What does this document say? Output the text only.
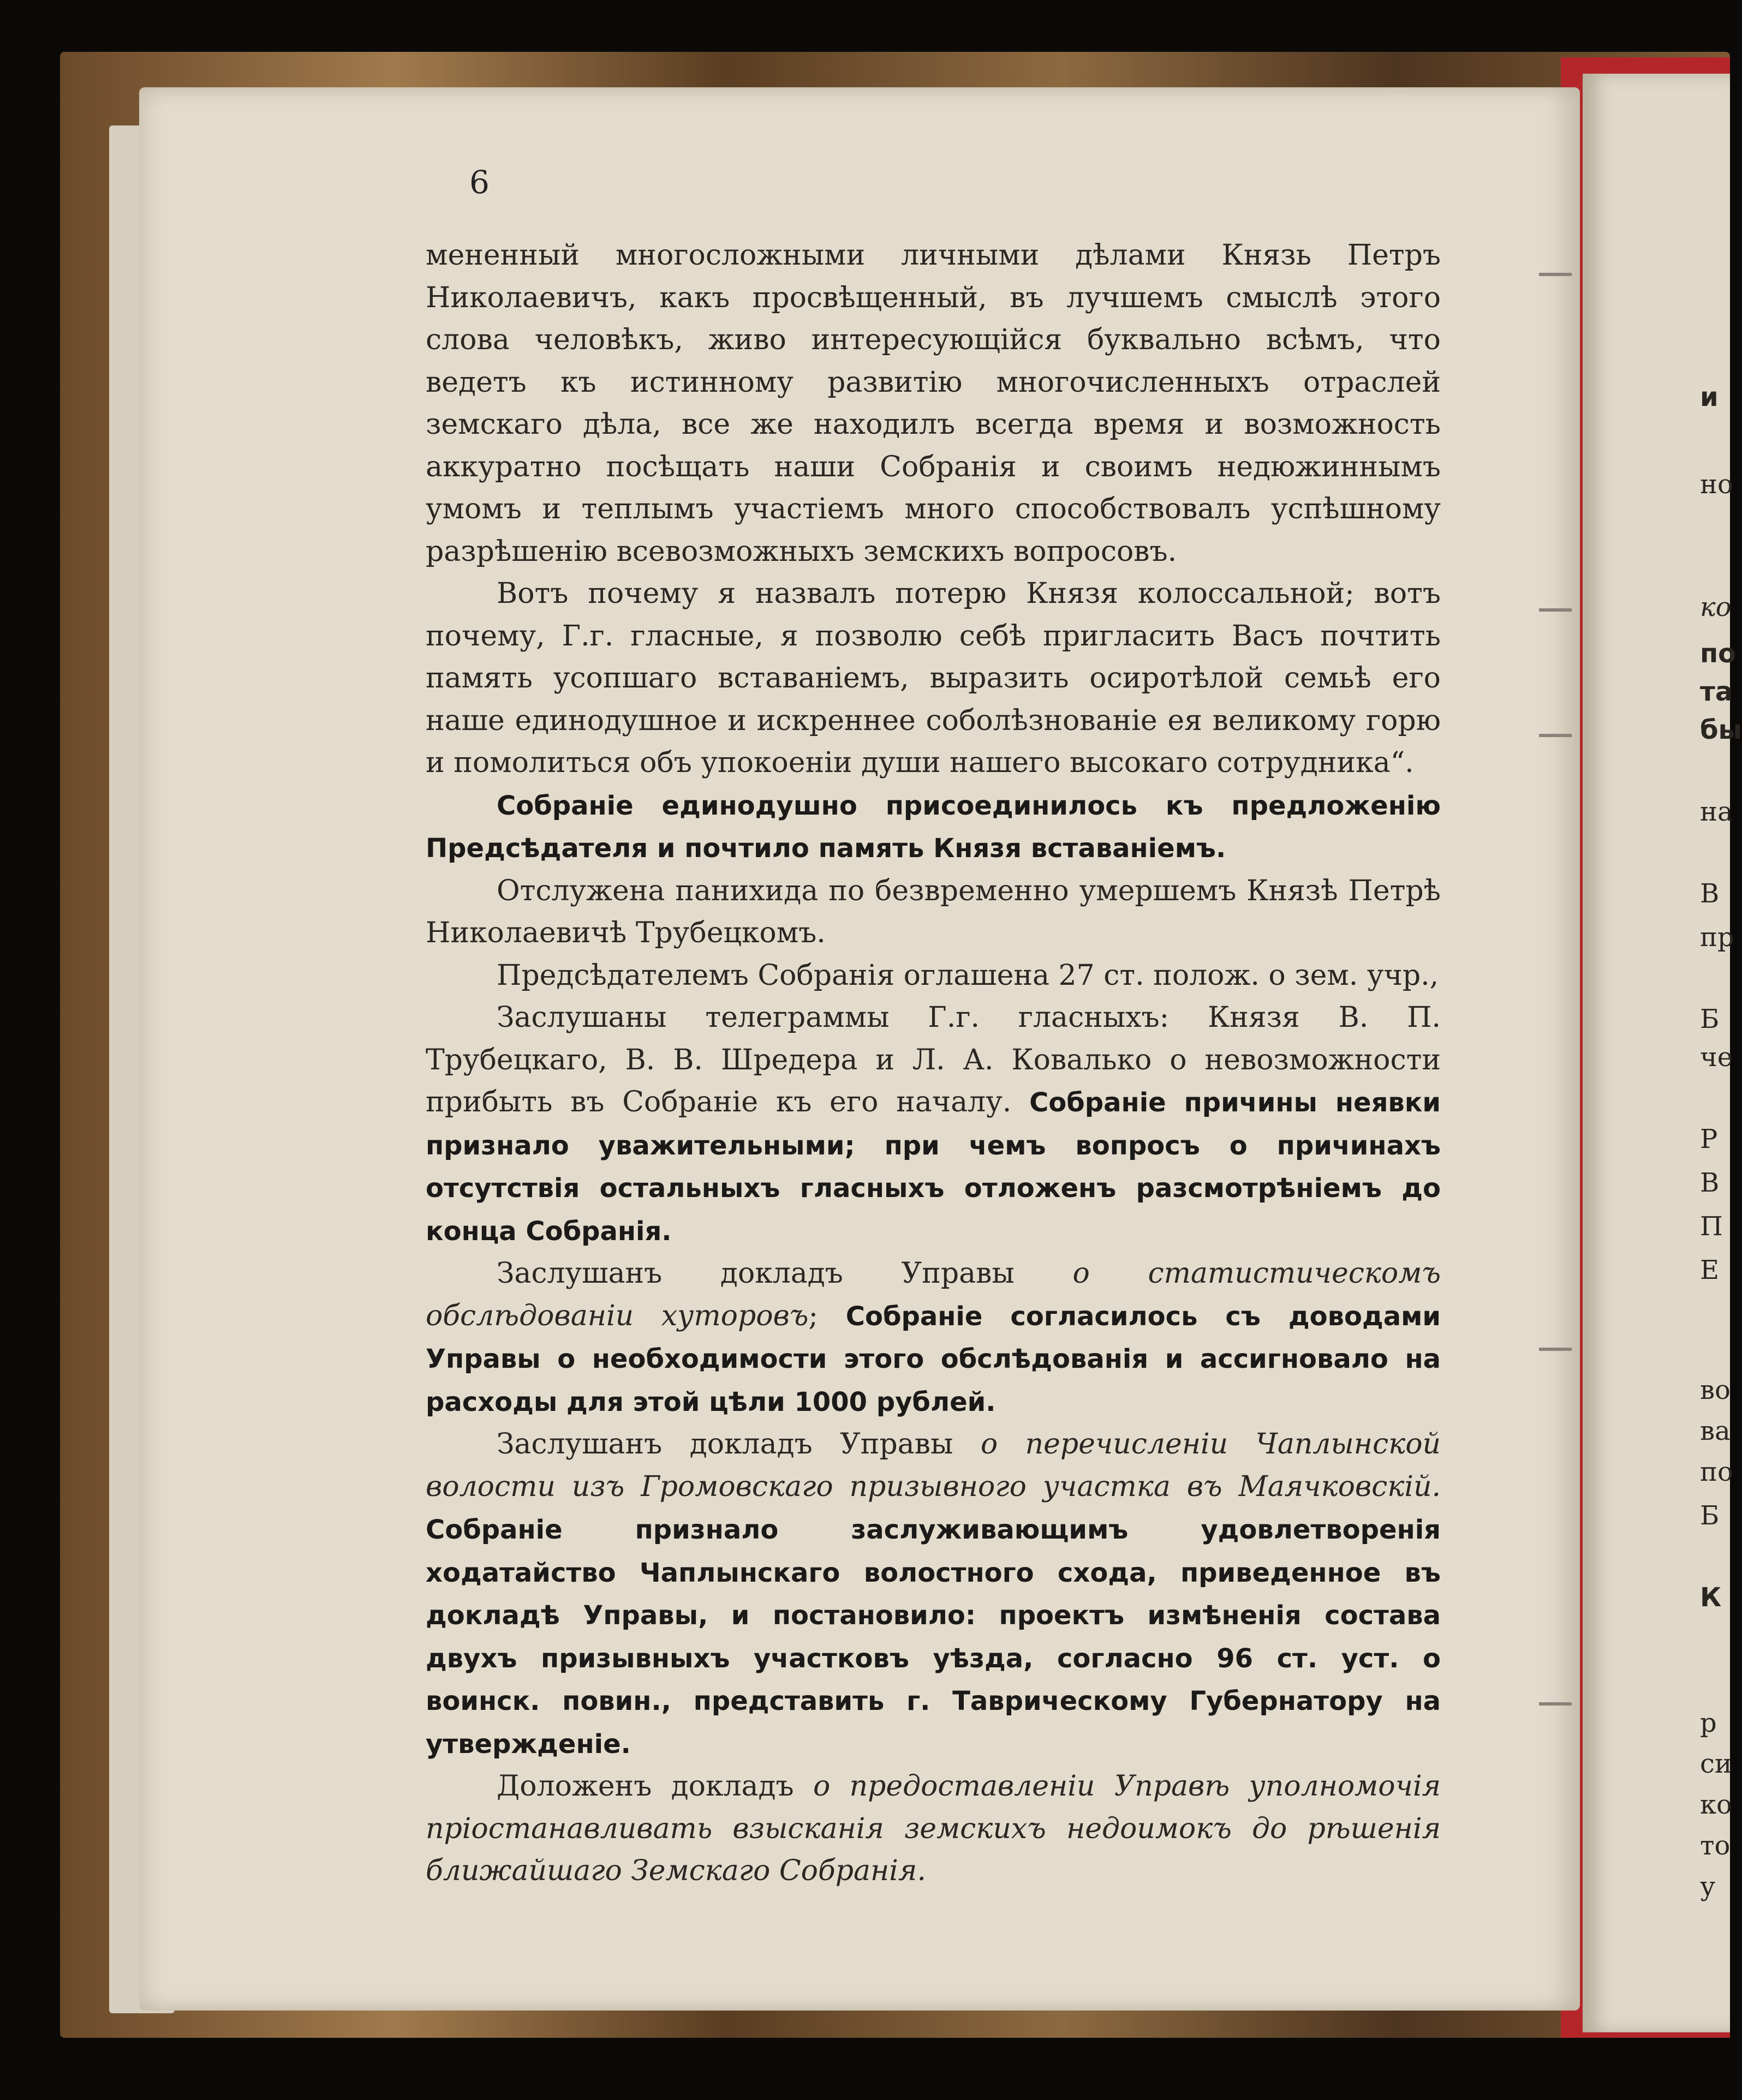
и
но
ко
по
та
бы
на
В
пр
Б
че
Р
В
П
Е
во
ва
по
Б
К
р
си
ко
то
у
6

мененный многосложными личными дѣлами Князь Петръ Николаевичъ, какъ просвѣщенный, въ лучшемъ смыслѣ этого слова человѣкъ, живо интересующійся буквально всѣмъ, что ведетъ къ истинному развитію многочисленныхъ отраслей земскаго дѣла, все же находилъ всегда время и возможность аккуратно посѣщать наши Собранія и своимъ недюжиннымъ умомъ и теплымъ участіемъ много способствовалъ успѣшному разрѣшенію всевозможныхъ земскихъ вопросовъ.

Вотъ почему я назвалъ потерю Князя колоссальной; вотъ почему, Г.г. гласные, я позволю себѣ пригласить Васъ почтить память усопшаго вставаніемъ, выразить осиротѣлой семьѣ его наше единодушное и искреннее соболѣзнованіе ея великому горю и помолиться объ упокоеніи души нашего высокаго сотрудника“.

Собраніе единодушно присоединилось къ предложенію Предсѣдателя и почтило память Князя вставаніемъ.

Отслужена панихида по безвременно умершемъ Князѣ Петрѣ Николаевичѣ Трубецкомъ.

Предсѣдателемъ Собранія оглашена 27 ст. полож. о зем. учр.,

Заслушаны телеграммы Г.г. гласныхъ: Князя В. П. Трубецкаго, В. В. Шредера и Л. А. Ковалько о невозможности прибыть въ Собраніе къ его началу. Собраніе причины неявки признало уважительными; при чемъ вопросъ о причинахъ отсутствія остальныхъ гласныхъ отложенъ разсмотрѣніемъ до конца Собранія.

Заслушанъ докладъ Управы о статистическомъ обслѣдованіи хуторовъ; Собраніе согласилось съ доводами Управы о необходимости этого обслѣдованія и ассигновало на расходы для этой цѣли 1000 рублей.

Заслушанъ докладъ Управы о перечисленіи Чаплынской волости изъ Громовскаго призывного участка въ Маячковскій. Собраніе признало заслуживающимъ удовлетворенія ходатайство Чаплынскаго волостного схода, приведенное въ докладѣ Управы, и постановило: проектъ измѣненія состава двухъ призывныхъ участковъ уѣзда, согласно 96 ст. уст. о воинск. повин., представить г. Таврическому Губернатору на утвержденіе.

Доложенъ докладъ о предоставленіи Управѣ уполномочія пріостанавливать взысканія земскихъ недоимокъ до рѣшенія ближайшаго Земскаго Собранія.
